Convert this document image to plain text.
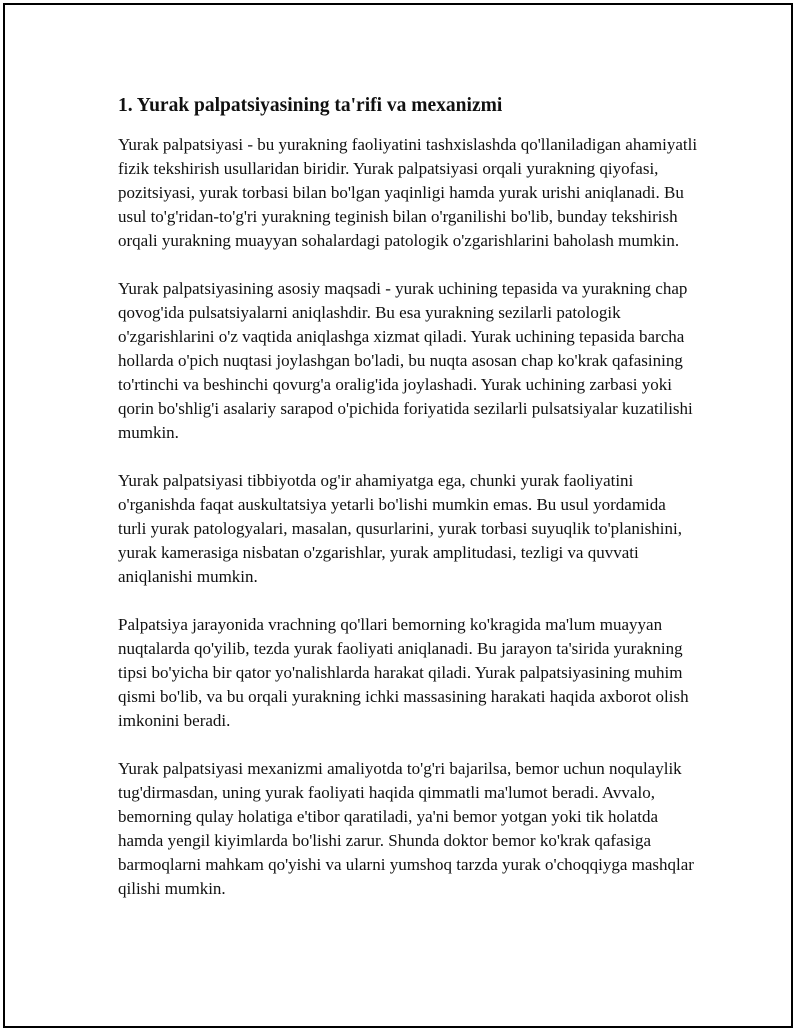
1. Yurak palpatsiyasining ta'rifi va mexanizmi

Yurak palpatsiyasi - bu yurakning faoliyatini tashxislashda qo'llaniladigan ahamiyatli fizik tekshirish usullaridan biridir. Yurak palpatsiyasi orqali yurakning qiyofasi, pozitsiyasi, yurak torbasi bilan bo'lgan yaqinligi hamda yurak urishi aniqlanadi. Bu usul to'g'ridan-to'g'ri yurakning teginish bilan o'rganilishi bo'lib, bunday tekshirish orqali yurakning muayyan sohalardagi patologik o'zgarishlarini baholash mumkin.

Yurak palpatsiyasining asosiy maqsadi - yurak uchining tepasida va yurakning chap qovog'ida pulsatsiyalarni aniqlashdir. Bu esa yurakning sezilarli patologik o'zgarishlarini o'z vaqtida aniqlashga xizmat qiladi. Yurak uchining tepasida barcha hollarda o'pich nuqtasi joylashgan bo'ladi, bu nuqta asosan chap ko'krak qafasining to'rtinchi va beshinchi qovurg'a oralig'ida joylashadi. Yurak uchining zarbasi yoki qorin bo'shlig'i asalariy sarapod o'pichida foriyatida sezilarli pulsatsiyalar kuzatilishi mumkin.

Yurak palpatsiyasi tibbiyotda og'ir ahamiyatga ega, chunki yurak faoliyatini o'rganishda faqat auskultatsiya yetarli bo'lishi mumkin emas. Bu usul yordamida turli yurak patologyalari, masalan, qusurlarini, yurak torbasi suyuqlik to'planishini, yurak kamerasiga nisbatan o'zgarishlar, yurak amplitudasi, tezligi va quvvati aniqlanishi mumkin.

Palpatsiya jarayonida vrachning qo'llari bemorning ko'kragida ma'lum muayyan nuqtalarda qo'yilib, tezda yurak faoliyati aniqlanadi. Bu jarayon ta'sirida yurakning tipsi bo'yicha bir qator yo'nalishlarda harakat qiladi. Yurak palpatsiyasining muhim qismi bo'lib, va bu orqali yurakning ichki massasining harakati haqida axborot olish imkonini beradi.

Yurak palpatsiyasi mexanizmi amaliyotda to'g'ri bajarilsa, bemor uchun noqulaylik tug'dirmasdan, uning yurak faoliyati haqida qimmatli ma'lumot beradi. Avvalo, bemorning qulay holatiga e'tibor qaratiladi, ya'ni bemor yotgan yoki tik holatda hamda yengil kiyimlarda bo'lishi zarur. Shunda doktor bemor ko'krak qafasiga barmoqlarni mahkam qo'yishi va ularni yumshoq tarzda yurak o'choqqiyga mashqlar qilishi mumkin.
